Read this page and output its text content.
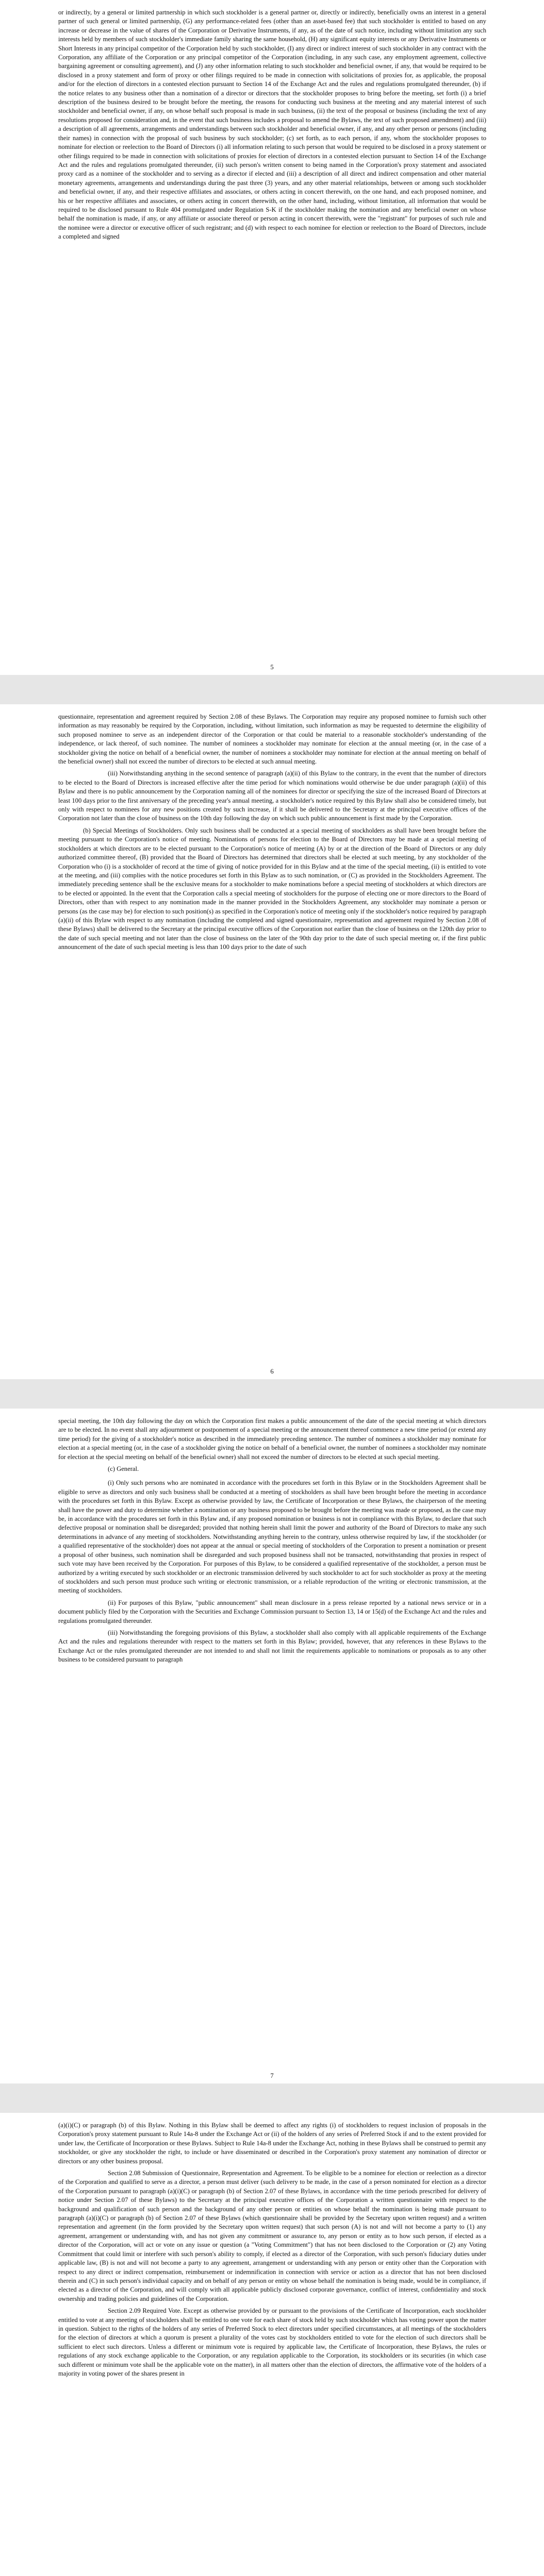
or indirectly, by a general or limited partnership in which such stockholder is a general partner or, directly or indirectly, beneficially owns an interest in a general partner of such general or limited partnership, (G) any performance-related fees (other than an asset-based fee) that such stockholder is entitled to based on any increase or decrease in the value of shares of the Corporation or Derivative Instruments, if any, as of the date of such notice, including without limitation any such interests held by members of such stockholder's immediate family sharing the same household, (H) any significant equity interests or any Derivative Instruments or Short Interests in any principal competitor of the Corporation held by such stockholder, (I) any direct or indirect interest of such stockholder in any contract with the Corporation, any affiliate of the Corporation or any principal competitor of the Corporation (including, in any such case, any employment agreement, collective bargaining agreement or consulting agreement), and (J) any other information relating to such stockholder and beneficial owner, if any, that would be required to be disclosed in a proxy statement and form of proxy or other filings required to be made in connection with solicitations of proxies for, as applicable, the proposal and/or for the election of directors in a contested election pursuant to Section 14 of the Exchange Act and the rules and regulations promulgated thereunder, (b) if the notice relates to any business other than a nomination of a director or directors that the stockholder proposes to bring before the meeting, set forth (i) a brief description of the business desired to be brought before the meeting, the reasons for conducting such business at the meeting and any material interest of such stockholder and beneficial owner, if any, on whose behalf such proposal is made in such business, (ii) the text of the proposal or business (including the text of any resolutions proposed for consideration and, in the event that such business includes a proposal to amend the Bylaws, the text of such proposed amendment) and (iii) a description of all agreements, arrangements and understandings between such stockholder and beneficial owner, if any, and any other person or persons (including their names) in connection with the proposal of such business by such stockholder; (c) set forth, as to each person, if any, whom the stockholder proposes to nominate for election or reelection to the Board of Directors (i) all information relating to such person that would be required to be disclosed in a proxy statement or other filings required to be made in connection with solicitations of proxies for election of directors in a contested election pursuant to Section 14 of the Exchange Act and the rules and regulations promulgated thereunder, (ii) such person's written consent to being named in the Corporation's proxy statement and associated proxy card as a nominee of the stockholder and to serving as a director if elected and (iii) a description of all direct and indirect compensation and other material monetary agreements, arrangements and understandings during the past three (3) years, and any other material relationships, between or among such stockholder and beneficial owner, if any, and their respective affiliates and associates, or others acting in concert therewith, on the one hand, and each proposed nominee, and his or her respective affiliates and associates, or others acting in concert therewith, on the other hand, including, without limitation, all information that would be required to be disclosed pursuant to Rule 404 promulgated under Regulation S-K if the stockholder making the nomination and any beneficial owner on whose behalf the nomination is made, if any, or any affiliate or associate thereof or person acting in concert therewith, were the "registrant" for purposes of such rule and the nominee were a director or executive officer of such registrant; and (d) with respect to each nominee for election or reelection to the Board of Directors, include a completed and signed

5

questionnaire, representation and agreement required by Section 2.08 of these Bylaws. The Corporation may require any proposed nominee to furnish such other information as may reasonably be required by the Corporation, including, without limitation, such information as may be requested to determine the eligibility of such proposed nominee to serve as an independent director of the Corporation or that could be material to a reasonable stockholder's understanding of the independence, or lack thereof, of such nominee. The number of nominees a stockholder may nominate for election at the annual meeting (or, in the case of a stockholder giving the notice on behalf of a beneficial owner, the number of nominees a stockholder may nominate for election at the annual meeting on behalf of the beneficial owner) shall not exceed the number of directors to be elected at such annual meeting.

(iii) Notwithstanding anything in the second sentence of paragraph (a)(ii) of this Bylaw to the contrary, in the event that the number of directors to be elected to the Board of Directors is increased effective after the time period for which nominations would otherwise be due under paragraph (a)(ii) of this Bylaw and there is no public announcement by the Corporation naming all of the nominees for director or specifying the size of the increased Board of Directors at least 100 days prior to the first anniversary of the preceding year's annual meeting, a stockholder's notice required by this Bylaw shall also be considered timely, but only with respect to nominees for any new positions created by such increase, if it shall be delivered to the Secretary at the principal executive offices of the Corporation not later than the close of business on the 10th day following the day on which such public announcement is first made by the Corporation.

(b) Special Meetings of Stockholders. Only such business shall be conducted at a special meeting of stockholders as shall have been brought before the meeting pursuant to the Corporation's notice of meeting. Nominations of persons for election to the Board of Directors may be made at a special meeting of stockholders at which directors are to be elected pursuant to the Corporation's notice of meeting (A) by or at the direction of the Board of Directors or any duly authorized committee thereof, (B) provided that the Board of Directors has determined that directors shall be elected at such meeting, by any stockholder of the Corporation who (i) is a stockholder of record at the time of giving of notice provided for in this Bylaw and at the time of the special meeting, (ii) is entitled to vote at the meeting, and (iii) complies with the notice procedures set forth in this Bylaw as to such nomination, or (C) as provided in the Stockholders Agreement. The immediately preceding sentence shall be the exclusive means for a stockholder to make nominations before a special meeting of stockholders at which directors are to be elected or appointed. In the event that the Corporation calls a special meeting of stockholders for the purpose of electing one or more directors to the Board of Directors, other than with respect to any nomination made in the manner provided in the Stockholders Agreement, any stockholder may nominate a person or persons (as the case may be) for election to such position(s) as specified in the Corporation's notice of meeting only if the stockholder's notice required by paragraph (a)(ii) of this Bylaw with respect to any nomination (including the completed and signed questionnaire, representation and agreement required by Section 2.08 of these Bylaws) shall be delivered to the Secretary at the principal executive offices of the Corporation not earlier than the close of business on the 120th day prior to the date of such special meeting and not later than the close of business on the later of the 90th day prior to the date of such special meeting or, if the first public announcement of the date of such special meeting is less than 100 days prior to the date of such

6

special meeting, the 10th day following the day on which the Corporation first makes a public announcement of the date of the special meeting at which directors are to be elected. In no event shall any adjournment or postponement of a special meeting or the announcement thereof commence a new time period (or extend any time period) for the giving of a stockholder's notice as described in the immediately preceding sentence. The number of nominees a stockholder may nominate for election at a special meeting (or, in the case of a stockholder giving the notice on behalf of a beneficial owner, the number of nominees a stockholder may nominate for election at the special meeting on behalf of the beneficial owner) shall not exceed the number of directors to be elected at such special meeting.

(c) General.

(i) Only such persons who are nominated in accordance with the procedures set forth in this Bylaw or in the Stockholders Agreement shall be eligible to serve as directors and only such business shall be conducted at a meeting of stockholders as shall have been brought before the meeting in accordance with the procedures set forth in this Bylaw. Except as otherwise provided by law, the Certificate of Incorporation or these Bylaws, the chairperson of the meeting shall have the power and duty to determine whether a nomination or any business proposed to be brought before the meeting was made or proposed, as the case may be, in accordance with the procedures set forth in this Bylaw and, if any proposed nomination or business is not in compliance with this Bylaw, to declare that such defective proposal or nomination shall be disregarded; provided that nothing herein shall limit the power and authority of the Board of Directors to make any such determinations in advance of any meeting of stockholders. Notwithstanding anything herein to the contrary, unless otherwise required by law, if the stockholder (or a qualified representative of the stockholder) does not appear at the annual or special meeting of stockholders of the Corporation to present a nomination or present a proposal of other business, such nomination shall be disregarded and such proposed business shall not be transacted, notwithstanding that proxies in respect of such vote may have been received by the Corporation. For purposes of this Bylaw, to be considered a qualified representative of the stockholder, a person must be authorized by a writing executed by such stockholder or an electronic transmission delivered by such stockholder to act for such stockholder as proxy at the meeting of stockholders and such person must produce such writing or electronic transmission, or a reliable reproduction of the writing or electronic transmission, at the meeting of stockholders.

(ii) For purposes of this Bylaw, "public announcement" shall mean disclosure in a press release reported by a national news service or in a document publicly filed by the Corporation with the Securities and Exchange Commission pursuant to Section 13, 14 or 15(d) of the Exchange Act and the rules and regulations promulgated thereunder.

(iii) Notwithstanding the foregoing provisions of this Bylaw, a stockholder shall also comply with all applicable requirements of the Exchange Act and the rules and regulations thereunder with respect to the matters set forth in this Bylaw; provided, however, that any references in these Bylaws to the Exchange Act or the rules promulgated thereunder are not intended to and shall not limit the requirements applicable to nominations or proposals as to any other business to be considered pursuant to paragraph

7

(a)(i)(C) or paragraph (b) of this Bylaw. Nothing in this Bylaw shall be deemed to affect any rights (i) of stockholders to request inclusion of proposals in the Corporation's proxy statement pursuant to Rule 14a-8 under the Exchange Act or (ii) of the holders of any series of Preferred Stock if and to the extent provided for under law, the Certificate of Incorporation or these Bylaws. Subject to Rule 14a-8 under the Exchange Act, nothing in these Bylaws shall be construed to permit any stockholder, or give any stockholder the right, to include or have disseminated or described in the Corporation's proxy statement any nomination of director or directors or any other business proposal.

Section 2.08 Submission of Questionnaire, Representation and Agreement. To be eligible to be a nominee for election or reelection as a director of the Corporation and qualified to serve as a director, a person must deliver (such delivery to be made, in the case of a person nominated for election as a director of the Corporation pursuant to paragraph (a)(i)(C) or paragraph (b) of Section 2.07 of these Bylaws, in accordance with the time periods prescribed for delivery of notice under Section 2.07 of these Bylaws) to the Secretary at the principal executive offices of the Corporation a written questionnaire with respect to the background and qualification of such person and the background of any other person or entities on whose behalf the nomination is being made pursuant to paragraph (a)(i)(C) or paragraph (b) of Section 2.07 of these Bylaws (which questionnaire shall be provided by the Secretary upon written request) and a written representation and agreement (in the form provided by the Secretary upon written request) that such person (A) is not and will not become a party to (1) any agreement, arrangement or understanding with, and has not given any commitment or assurance to, any person or entity as to how such person, if elected as a director of the Corporation, will act or vote on any issue or question (a "Voting Commitment") that has not been disclosed to the Corporation or (2) any Voting Commitment that could limit or interfere with such person's ability to comply, if elected as a director of the Corporation, with such person's fiduciary duties under applicable law, (B) is not and will not become a party to any agreement, arrangement or understanding with any person or entity other than the Corporation with respect to any direct or indirect compensation, reimbursement or indemnification in connection with service or action as a director that has not been disclosed therein and (C) in such person's individual capacity and on behalf of any person or entity on whose behalf the nomination is being made, would be in compliance, if elected as a director of the Corporation, and will comply with all applicable publicly disclosed corporate governance, conflict of interest, confidentiality and stock ownership and trading policies and guidelines of the Corporation.

Section 2.09 Required Vote. Except as otherwise provided by or pursuant to the provisions of the Certificate of Incorporation, each stockholder entitled to vote at any meeting of stockholders shall be entitled to one vote for each share of stock held by such stockholder which has voting power upon the matter in question. Subject to the rights of the holders of any series of Preferred Stock to elect directors under specified circumstances, at all meetings of the stockholders for the election of directors at which a quorum is present a plurality of the votes cast by stockholders entitled to vote for the election of such directors shall be sufficient to elect such directors. Unless a different or minimum vote is required by applicable law, the Certificate of Incorporation, these Bylaws, the rules or regulations of any stock exchange applicable to the Corporation, or any regulation applicable to the Corporation, its stockholders or its securities (in which case such different or minimum vote shall be the applicable vote on the matter), in all matters other than the election of directors, the affirmative vote of the holders of a majority in voting power of the shares present in
